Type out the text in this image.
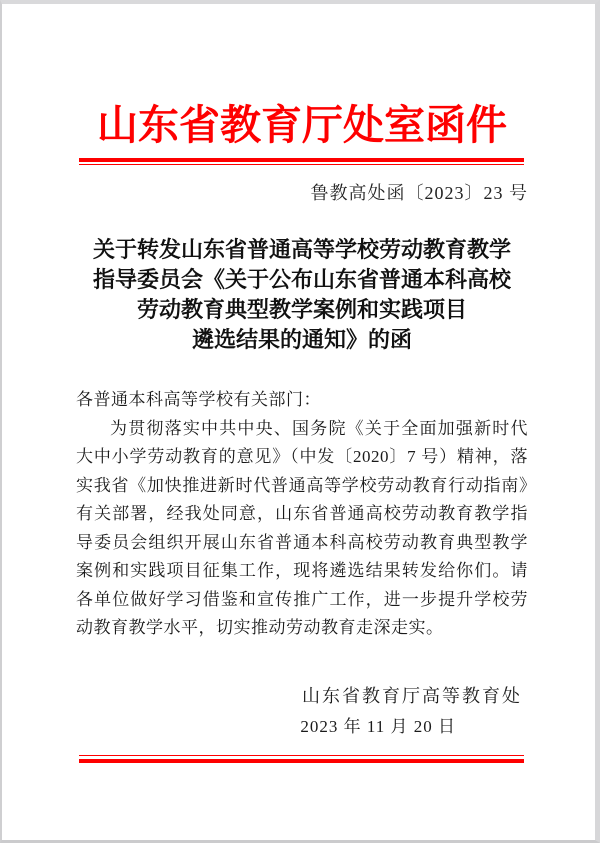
山东省教育厅处室函件
鲁教高处函〔2023〕23 号
关于转发山东省普通高等学校劳动教育教学
指导委员会《关于公布山东省普通本科高校
劳动教育典型教学案例和实践项目
遴选结果的通知》的函
各普通本科高等学校有关部门：

为贯彻落实中共中央、国务院《关于全面加强新时代大中小学劳动教育的意见》（中发〔2020〕7 号）精神，落实我省《加快推进新时代普通高等学校劳动教育行动指南》有关部署，经我处同意，山东省普通高校劳动教育教学指导委员会组织开展山东省普通本科高校劳动教育典型教学案例和实践项目征集工作，现将遴选结果转发给你们。请各单位做好学习借鉴和宣传推广工作，进一步提升学校劳动教育教学水平，切实推动劳动教育走深走实。

山东省教育厅高等教育处
2023 年 11 月 20 日
